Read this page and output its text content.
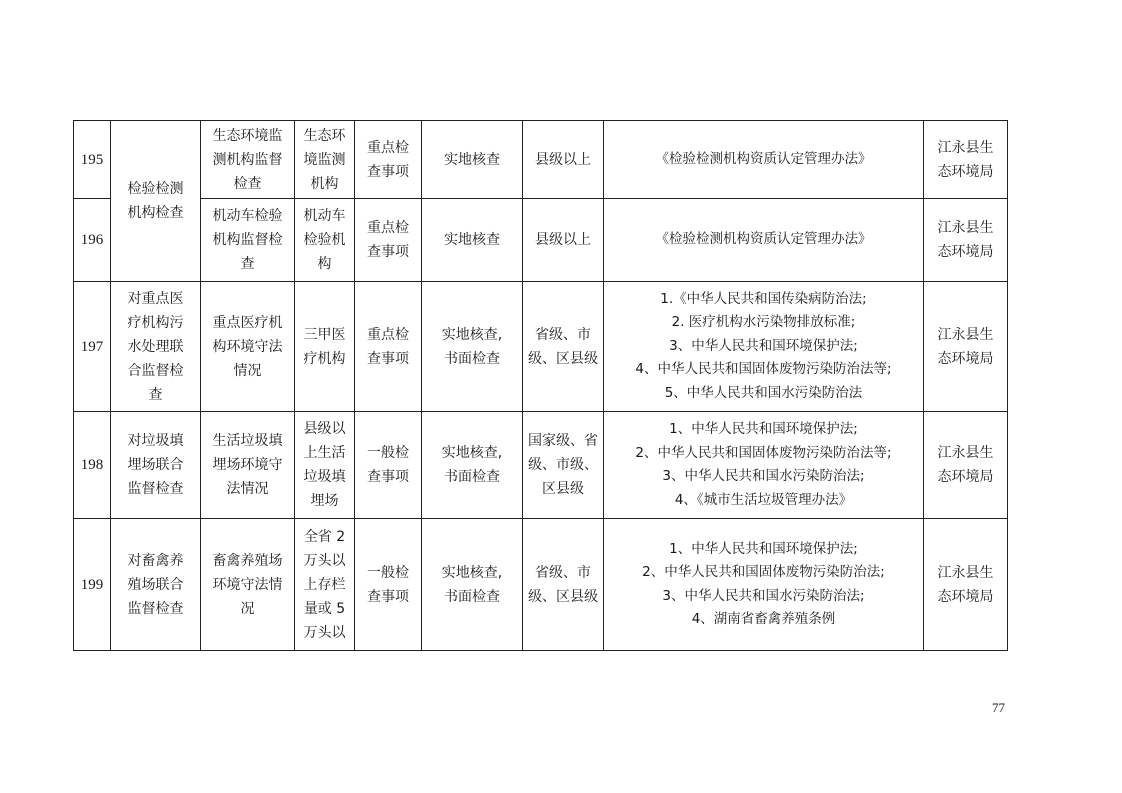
195	检验检测
机构检查	生态环境监
测机构监督
检查	生态环
境监测
机构	重点检
查事项	实地核查	县级以上	《检验检测机构资质认定管理办法》	江永县生
态环境局

196		机动车检验
机构监督检
查	机动车
检验机
构	重点检
查事项	实地核查	县级以上	《检验检测机构资质认定管理办法》	江永县生
态环境局

197	对重点医
疗机构污
水处理联
合监督检
查	重点医疗机
构环境守法
情况	三甲医
疗机构	重点检
查事项	实地核查,
书面检查	省级、市
级、区县级	1.《中华人民共和国传染病防治法;
2. 医疗机构水污染物排放标准;
3、中华人民共和国环境保护法;
4、中华人民共和国固体废物污染防治法等;
5、中华人民共和国水污染防治法	江永县生
态环境局

198	对垃圾填
埋场联合
监督检查	生活垃圾填
埋场环境守
法情况	县级以
上生活
垃圾填
埋场	一般检
查事项	实地核查,
书面检查	国家级、省
级、市级、
区县级	1、中华人民共和国环境保护法;
2、中华人民共和国固体废物污染防治法等;
3、中华人民共和国水污染防治法;
4、《城市生活垃圾管理办法》	江永县生
态环境局

199	对畜禽养
殖场联合
监督检查	畜禽养殖场
环境守法情
况	全省 2
万头以
上存栏
量或 5
万头以	一般检
查事项	实地核查,
书面检查	省级、市
级、区县级	1、中华人民共和国环境保护法;
2、中华人民共和国固体废物污染防治法;
3、中华人民共和国水污染防治法;
4、湖南省畜禽养殖条例	江永县生
态环境局
77
